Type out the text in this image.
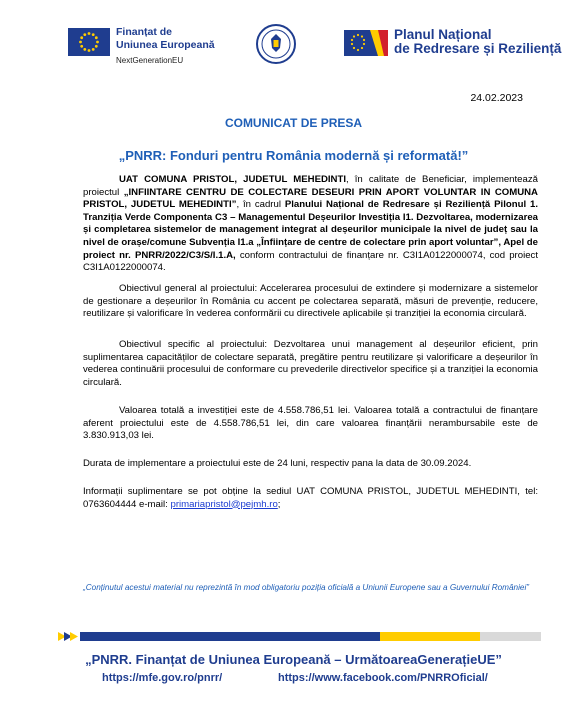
Finanțat de
Uniunea Europeană
NextGenerationEU
Planul Național
de Redresare și Reziliență
24.02.2023
COMUNICAT DE PRESA
„PNRR: Fonduri pentru România modernă și reformată!”
UAT COMUNA PRISTOL, JUDETUL MEHEDINTI, în calitate de Beneficiar, implementează proiectul „INFIINTARE CENTRU DE COLECTARE DESEURI PRIN APORT VOLUNTAR IN COMUNA PRISTOL, JUDETUL MEHEDINTI”, în cadrul Planului Național de Redresare și Reziliență Pilonul 1. Tranziția Verde Componenta C3 – Managementul Deșeurilor Investiția I1. Dezvoltarea, modernizarea și completarea sistemelor de management integrat al deșeurilor municipale la nivel de județ sau la nivel de orașe/comune Subvenția I1.a „Înființare de centre de colectare prin aport voluntar”, Apel de proiect nr. PNRR/2022/C3/S/I.1.A, conform contractului de finanțare nr. C3I1A0122000074, cod proiect C3I1A0122000074.
Obiectivul general al proiectului: Accelerarea procesului de extindere și modernizare a sistemelor de gestionare a deșeurilor în România cu accent pe colectarea separată, măsuri de prevenție, reducere, reutilizare și valorificare în vederea conformării cu directivele aplicabile și tranziției la economia circulară.
Obiectivul specific al proiectului: Dezvoltarea unui management al deșeurilor eficient, prin suplimentarea capacităților de colectare separată, pregătire pentru reutilizare și valorificare a deșeurilor în vederea continuării procesului de conformare cu prevederile directivelor specifice și a tranziției la economia circulară.
Valoarea totală a investiției este de 4.558.786,51 lei. Valoarea totală a contractului de finanțare aferent proiectului este de 4.558.786,51 lei, din care valoarea finanțării nerambursabile este de 3.830.913,03 lei.
Durata de implementare a proiectului este de 24 luni, respectiv pana la data de 30.09.2024.
Informații suplimentare se pot obține la sediul UAT COMUNA PRISTOL, JUDETUL MEHEDINTI, tel: 0763604444 e-mail: primariapristol@pejmh.ro;
„Conținutul acestui material nu reprezintă în mod obligatoriu poziția oficială a Uniunii Europene sau a Guvernului României”
„PNRR. Finanțat de Uniunea Europeană – UrmătoareaGenerațieUE”
https://mfe.gov.ro/pnrr/	https://www.facebook.com/PNRROficial/
